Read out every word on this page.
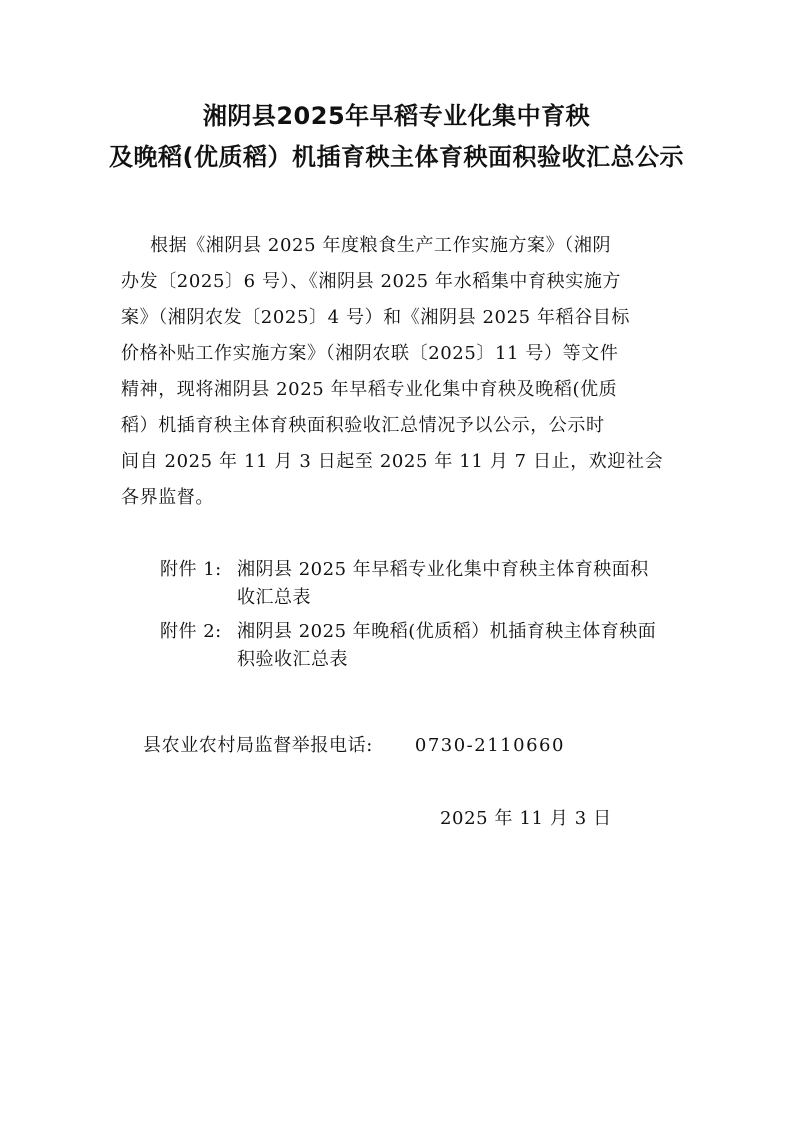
湘阴县2025年早稻专业化集中育秧
及晚稻(优质稻）机插育秧主体育秧面积验收汇总公示
根据《湘阴县 2025 年度粮食生产工作实施方案》（湘阴
办发〔2025〕6 号）、《湘阴县 2025 年水稻集中育秧实施方
案》（湘阴农发〔2025〕4 号）和《湘阴县 2025 年稻谷目标
价格补贴工作实施方案》（湘阴农联〔2025〕11 号）等文件
精神，现将湘阴县 2025 年早稻专业化集中育秧及晚稻(优质
稻）机插育秧主体育秧面积验收汇总情况予以公示，公示时
间自 2025 年 11 月 3 日起至 2025 年 11 月 7 日止，欢迎社会
各界监督。
附件 1: 湘阴县 2025 年早稻专业化集中育秧主体育秧面积
收汇总表
附件 2: 湘阴县 2025 年晚稻(优质稻）机插育秧主体育秧面
积验收汇总表
县农业农村局监督举报电话: 0730-2110660
2025 年 11 月 3 日
